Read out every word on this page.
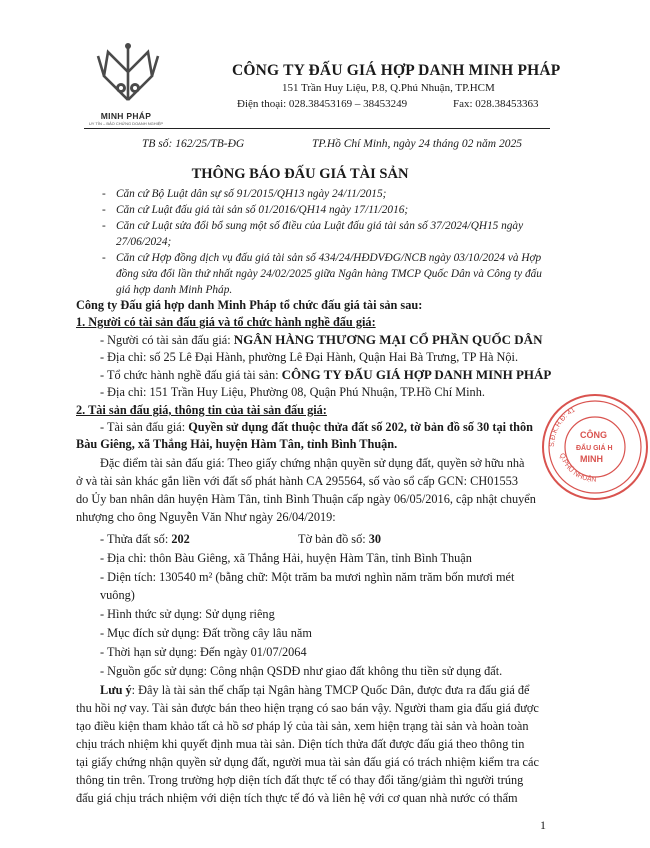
MINH PHÁP
UY TÍN – BẢO CHỨNG DOANH NGHIỆP
CÔNG TY ĐẤU GIÁ HỢP DANH MINH PHÁP
151 Trần Huy Liệu, P.8, Q.Phú Nhuận, TP.HCM
Điện thoại: 028.38453169 – 38453249	Fax: 028.38453363
TB số: 162/25/TB-ĐG	TP.Hồ Chí Minh, ngày 24 tháng 02 năm 2025
THÔNG BÁO ĐẤU GIÁ TÀI SẢN
- Căn cứ Bộ Luật dân sự số 91/2015/QH13 ngày 24/11/2015;
- Căn cứ Luật đấu giá tài sản số 01/2016/QH14 ngày 17/11/2016;
- Căn cứ Luật sửa đổi bổ sung một số điều của Luật đấu giá tài sản số 37/2024/QH15 ngày 27/06/2024;
- Căn cứ Hợp đồng dịch vụ đấu giá tài sản số 434/24/HĐDVĐG/NCB ngày 03/10/2024 và Hợp đồng sửa đổi lần thứ nhất ngày 24/02/2025 giữa Ngân hàng TMCP Quốc Dân và Công ty đấu giá hợp danh Minh Pháp.
Công ty Đấu giá hợp danh Minh Pháp tổ chức đấu giá tài sản sau:
1. Người có tài sản đấu giá và tổ chức hành nghề đấu giá:
- Người có tài sản đấu giá: NGÂN HÀNG THƯƠNG MẠI CỔ PHẦN QUỐC DÂN
- Địa chỉ: số 25 Lê Đại Hành, phường Lê Đại Hành, Quận Hai Bà Trưng, TP Hà Nội.
- Tổ chức hành nghề đấu giá tài sản: CÔNG TY ĐẤU GIÁ HỢP DANH MINH PHÁP
- Địa chỉ: 151 Trần Huy Liệu, Phường 08, Quận Phú Nhuận, TP.Hồ Chí Minh.
2. Tài sản đấu giá, thông tin của tài sản đấu giá:
- Tài sản đấu giá: Quyền sử dụng đất thuộc thửa đất số 202, tờ bản đồ số 30 tại thôn
Bàu Giêng, xã Thắng Hải, huyện Hàm Tân, tỉnh Bình Thuận.
Đặc điểm tài sản đấu giá: Theo giấy chứng nhận quyền sử dụng đất, quyền sở hữu nhà
ở và tài sản khác gắn liền với đất số phát hành CA 295564, số vào sổ cấp GCN: CH01553
do Ủy ban nhân dân huyện Hàm Tân, tỉnh Bình Thuận cấp ngày 06/05/2016, cập nhật chuyển
nhượng cho ông Nguyễn Văn Như ngày 26/04/2019:
- Thửa đất số: 202	Tờ bản đồ số: 30
- Địa chỉ: thôn Bàu Giêng, xã Thắng Hải, huyện Hàm Tân, tỉnh Bình Thuận
- Diện tích: 130540 m² (bằng chữ: Một trăm ba mươi nghìn năm trăm bốn mươi mét
vuông)
- Hình thức sử dụng: Sử dụng riêng
- Mục đích sử dụng: Đất trồng cây lâu năm
- Thời hạn sử dụng: Đến ngày 01/07/2064
- Nguồn gốc sử dụng: Công nhận QSDĐ như giao đất không thu tiền sử dụng đất.
Lưu ý: Đây là tài sản thế chấp tại Ngân hàng TMCP Quốc Dân, được đưa ra đấu giá để
thu hồi nợ vay. Tài sản được bán theo hiện trạng có sao bán vậy. Người tham gia đấu giá được
tạo điều kiện tham khảo tất cả hồ sơ pháp lý của tài sản, xem hiện trạng tài sản và hoàn toàn
chịu trách nhiệm khi quyết định mua tài sản. Diện tích thửa đất được đấu giá theo thông tin
tại giấy chứng nhận quyền sử dụng đất, người mua tài sản đấu giá có trách nhiệm kiểm tra các
thông tin trên. Trong trường hợp diện tích đất thực tế có thay đổi tăng/giảm thì người trúng
đấu giá chịu trách nhiệm với diện tích thực tế đó và liên hệ với cơ quan nhà nước có thẩm
S.Đ.K.H.Đ: 41
Q.PHÚ NHUẬN
CÔNG
ĐẤU GIÁ H
MINH
1
